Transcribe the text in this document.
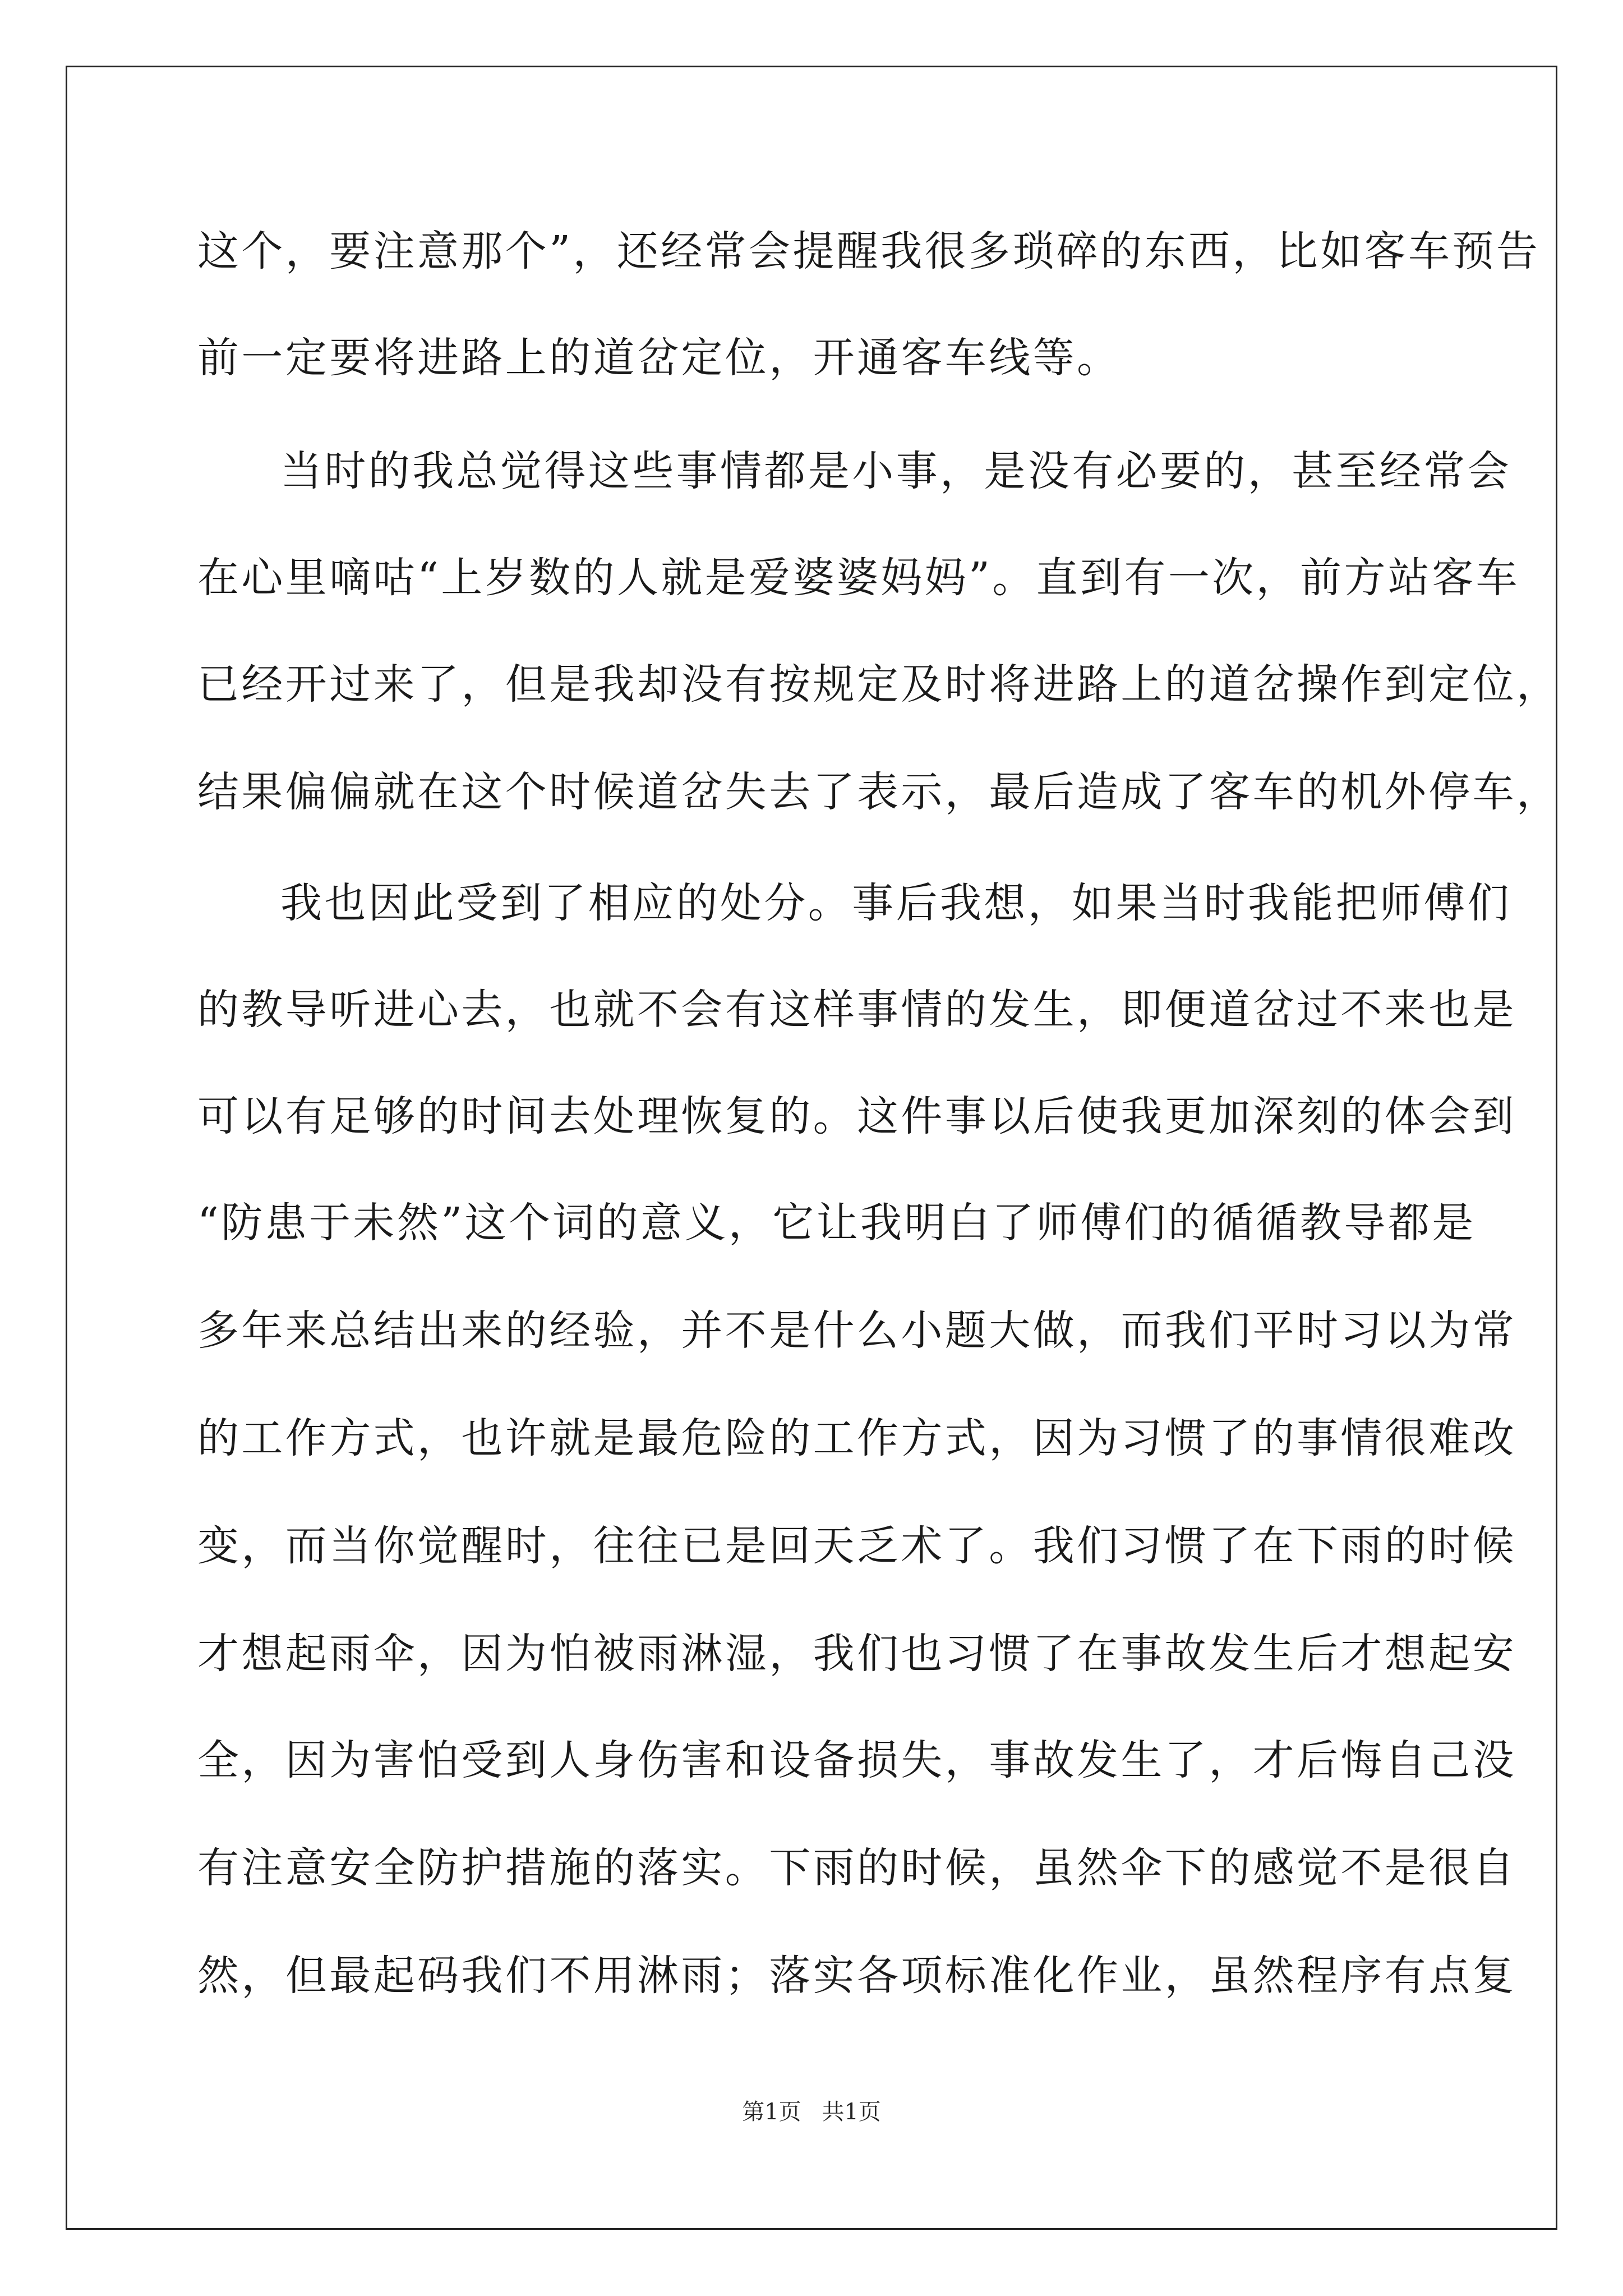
这个，要注意那个”，还经常会提醒我很多琐碎的东西，比如客车预告
前一定要将进路上的道岔定位，开通客车线等。
当时的我总觉得这些事情都是小事，是没有必要的，甚至经常会
在心里嘀咕“上岁数的人就是爱婆婆妈妈”。直到有一次，前方站客车
已经开过来了，但是我却没有按规定及时将进路上的道岔操作到定位，
结果偏偏就在这个时候道岔失去了表示，最后造成了客车的机外停车，
我也因此受到了相应的处分。事后我想，如果当时我能把师傅们
的教导听进心去，也就不会有这样事情的发生，即便道岔过不来也是
可以有足够的时间去处理恢复的。这件事以后使我更加深刻的体会到
“防患于未然”这个词的意义，它让我明白了师傅们的循循教导都是
多年来总结出来的经验，并不是什么小题大做，而我们平时习以为常
的工作方式，也许就是最危险的工作方式，因为习惯了的事情很难改
变，而当你觉醒时，往往已是回天乏术了。我们习惯了在下雨的时候
才想起雨伞，因为怕被雨淋湿，我们也习惯了在事故发生后才想起安
全，因为害怕受到人身伤害和设备损失，事故发生了，才后悔自己没
有注意安全防护措施的落实。下雨的时候，虽然伞下的感觉不是很自
然，但最起码我们不用淋雨；落实各项标准化作业，虽然程序有点复
第1页 共1页
